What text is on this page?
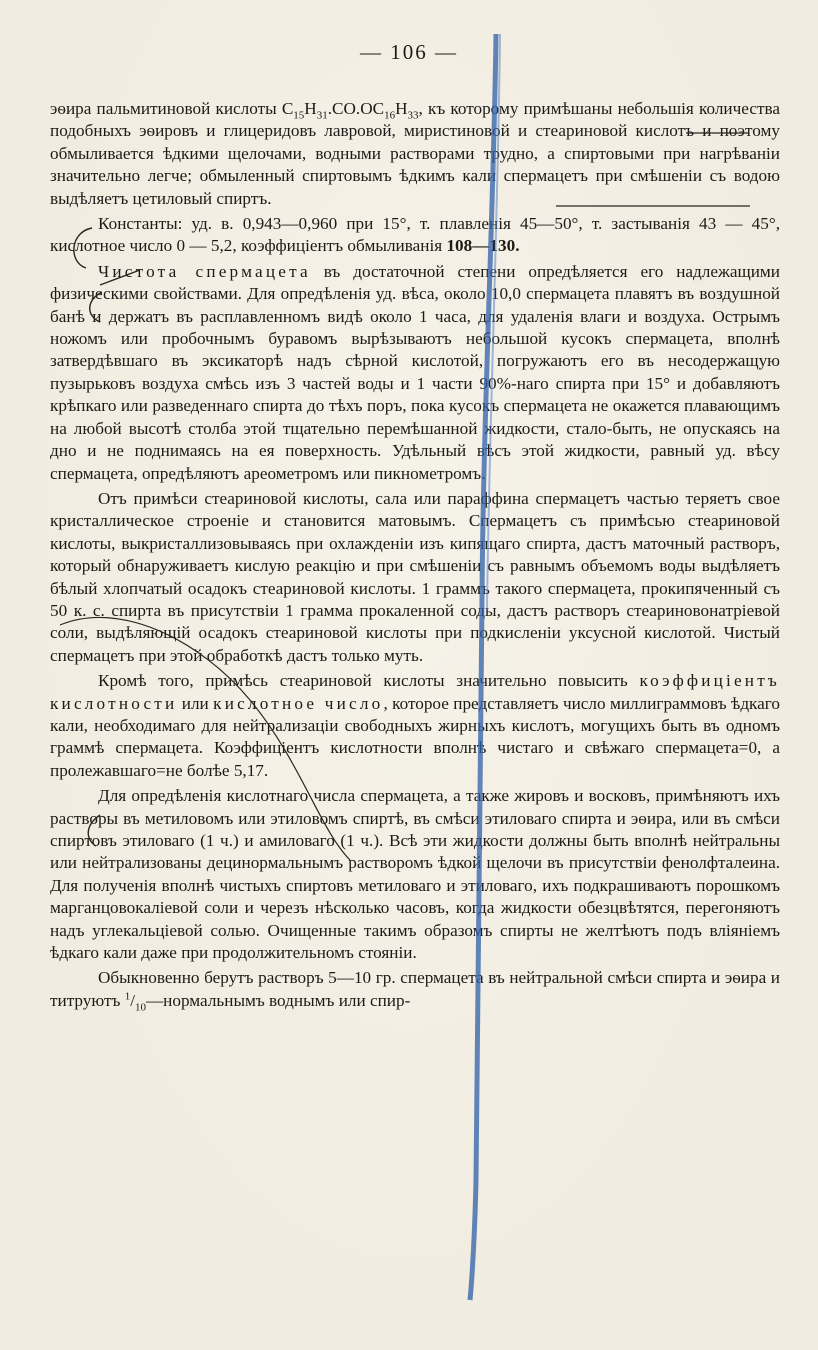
— 106 —

эѳира пальмитиновой кислоты $C_{15}H_{31}.CO.OC_{16}H_{33}$, къ которому примѣшаны небольшія количества подобныхъ эѳировъ и глицеридовъ лавровой, миристиновой и стеариновой кислотъ и поэтому обмыливается ѣдкими щелочами, водными растворами трудно, а спиртовыми при нагрѣваніи значительно легче; обмыленный спиртовымъ ѣдкимъ кали спермацетъ при смѣшеніи съ водою выдѣляетъ цетиловый спиртъ.

Константы: уд. в. 0,943—0,960 при 15°, т. плавленія 45—50°, т. застыванія 43 — 45°, кислотное число 0 — 5,2, коэффиціентъ обмыливанія 108—130.

Чистота спермацета въ достаточной степени опредѣляется его надлежащими физическими свойствами. Для опредѣленія уд. вѣса, около 10,0 спермацета плавятъ въ воздушной банѣ и держатъ въ расплавленномъ видѣ около 1 часа, для удаленія влаги и воздуха. Острымъ ножомъ или пробочнымъ буравомъ вырѣзываютъ небольшой кусокъ спермацета, вполнѣ затвердѣвшаго въ эксикаторѣ надъ сѣрной кислотой, погружаютъ его въ несодержащую пузырьковъ воздуха смѣсь изъ 3 частей воды и 1 части 90%-наго спирта при 15° и добавляютъ крѣпкаго или разведеннаго спирта до тѣхъ поръ, пока кусокъ спермацета не окажется плавающимъ на любой высотѣ столба этой тщательно перемѣшанной жидкости, стало-быть, не опускаясь на дно и не поднимаясь на ея поверхность. Удѣльный вѣсъ этой жидкости, равный уд. вѣсу спермацета, опредѣляютъ ареометромъ или пикнометромъ.

Отъ примѣси стеариновой кислоты, сала или параффина спермацетъ частью теряетъ свое кристаллическое строеніе и становится матовымъ. Спермацетъ съ примѣсью стеариновой кислоты, выкристаллизовываясь при охлажденіи изъ кипящаго спирта, дастъ маточный растворъ, который обнаруживаетъ кислую реакцію и при смѣшеніи съ равнымъ объемомъ воды выдѣляетъ бѣлый хлопчатый осадокъ стеариновой кислоты. 1 граммъ такого спермацета, прокипяченный съ 50 к. с. спирта въ присутствіи 1 грамма прокаленной соды, дастъ растворъ стеариновонатріевой соли, выдѣляющій осадокъ стеариновой кислоты при подкисленіи уксусной кислотой. Чистый спермацетъ при этой обработкѣ дастъ только муть.

Кромѣ того, примѣсь стеариновой кислоты значительно повысить коэффиціентъ кислотности или кислотное число, которое представляетъ число миллиграммовъ ѣдкаго кали, необходимаго для нейтрализаціи свободныхъ жирныхъ кислотъ, могущихъ быть въ одномъ граммѣ спермацета. Коэффиціентъ кислотности вполнѣ чистаго и свѣжаго спермацета=0, а пролежавшаго=не болѣе 5,17.

Для опредѣленія кислотнаго числа спермацета, а также жировъ и восковъ, примѣняютъ ихъ растворы въ метиловомъ или этиловомъ спиртѣ, въ смѣси этиловаго спирта и эѳира, или въ смѣси спиртовъ этиловаго (1 ч.) и амиловаго (1 ч.). Всѣ эти жидкости должны быть вполнѣ нейтральны или нейтрализованы децинормальнымъ растворомъ ѣдкой щелочи въ присутствіи фенолфталеина. Для полученія вполнѣ чистыхъ спиртовъ метиловаго и этиловаго, ихъ подкрашиваютъ порошкомъ марганцовокаліевой соли и черезъ нѣсколько часовъ, когда жидкости обезцвѣтятся, перегоняютъ надъ углекальціевой солью. Очищенные такимъ образомъ спирты не желтѣютъ подъ вліяніемъ ѣдкаго кали даже при продолжительномъ стояніи.

Обыкновенно берутъ растворъ 5—10 гр. спермацета въ нейтральной смѣси спирта и эѳира и титруютъ $^1/_{10}—нормальнымъ$ воднымъ или спир-
